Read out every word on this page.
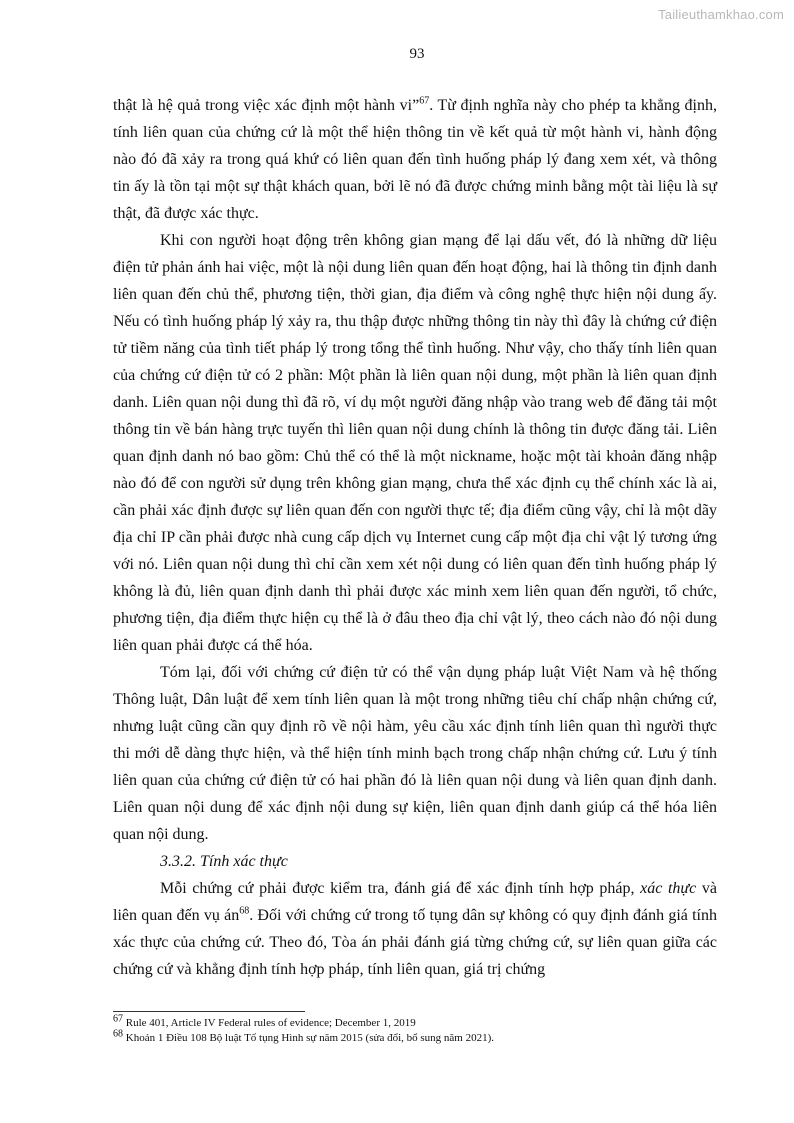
Tailieuthamkhao.com
93

thật là hệ quả trong việc xác định một hành vi”$^{67}$. Từ định nghĩa này cho phép ta khẳng định, tính liên quan của chứng cứ là một thể hiện thông tin về kết quả từ một hành vi, hành động nào đó đã xảy ra trong quá khứ có liên quan đến tình huống pháp lý đang xem xét, và thông tin ấy là tồn tại một sự thật khách quan, bởi lẽ nó đã được chứng minh bằng một tài liệu là sự thật, đã được xác thực.

Khi con người hoạt động trên không gian mạng để lại dấu vết, đó là những dữ liệu điện tử phản ánh hai việc, một là nội dung liên quan đến hoạt động, hai là thông tin định danh liên quan đến chủ thể, phương tiện, thời gian, địa điểm và công nghệ thực hiện nội dung ấy. Nếu có tình huống pháp lý xảy ra, thu thập được những thông tin này thì đây là chứng cứ điện tử tiềm năng của tình tiết pháp lý trong tổng thể tình huống. Như vậy, cho thấy tính liên quan của chứng cứ điện tử có 2 phần: Một phần là liên quan nội dung, một phần là liên quan định danh. Liên quan nội dung thì đã rõ, ví dụ một người đăng nhập vào trang web để đăng tải một thông tin về bán hàng trực tuyến thì liên quan nội dung chính là thông tin được đăng tải. Liên quan định danh nó bao gồm: Chủ thể có thể là một nickname, hoặc một tài khoản đăng nhập nào đó để con người sử dụng trên không gian mạng, chưa thể xác định cụ thể chính xác là ai, cần phải xác định được sự liên quan đến con người thực tế; địa điểm cũng vậy, chỉ là một dãy địa chỉ IP cần phải được nhà cung cấp dịch vụ Internet cung cấp một địa chỉ vật lý tương ứng với nó. Liên quan nội dung thì chỉ cần xem xét nội dung có liên quan đến tình huống pháp lý không là đủ, liên quan định danh thì phải được xác minh xem liên quan đến người, tổ chức, phương tiện, địa điểm thực hiện cụ thể là ở đâu theo địa chỉ vật lý, theo cách nào đó nội dung liên quan phải được cá thể hóa.

Tóm lại, đối với chứng cứ điện tử có thể vận dụng pháp luật Việt Nam và hệ thống Thông luật, Dân luật để xem tính liên quan là một trong những tiêu chí chấp nhận chứng cứ, nhưng luật cũng cần quy định rõ về nội hàm, yêu cầu xác định tính liên quan thì người thực thi mới dễ dàng thực hiện, và thể hiện tính minh bạch trong chấp nhận chứng cứ. Lưu ý tính liên quan của chứng cứ điện tử có hai phần đó là liên quan nội dung và liên quan định danh. Liên quan nội dung để xác định nội dung sự kiện, liên quan định danh giúp cá thể hóa liên quan nội dung.

3.3.2. Tính xác thực

Mỗi chứng cứ phải được kiểm tra, đánh giá để xác định tính hợp pháp, xác thực và liên quan đến vụ $án^{68}$. Đối với chứng cứ trong tố tụng dân sự không có quy định đánh giá tính xác thực của chứng cứ. Theo đó, Tòa án phải đánh giá từng chứng cứ, sự liên quan giữa các chứng cứ và khẳng định tính hợp pháp, tính liên quan, giá trị chứng

$^{67}$ Rule 401, Article IV Federal rules of evidence; December 1, 2019
$^{68}$ Khoản 1 Điều 108 Bộ luật Tố tụng Hình sự năm 2015 (sửa đổi, bổ sung năm 2021).
